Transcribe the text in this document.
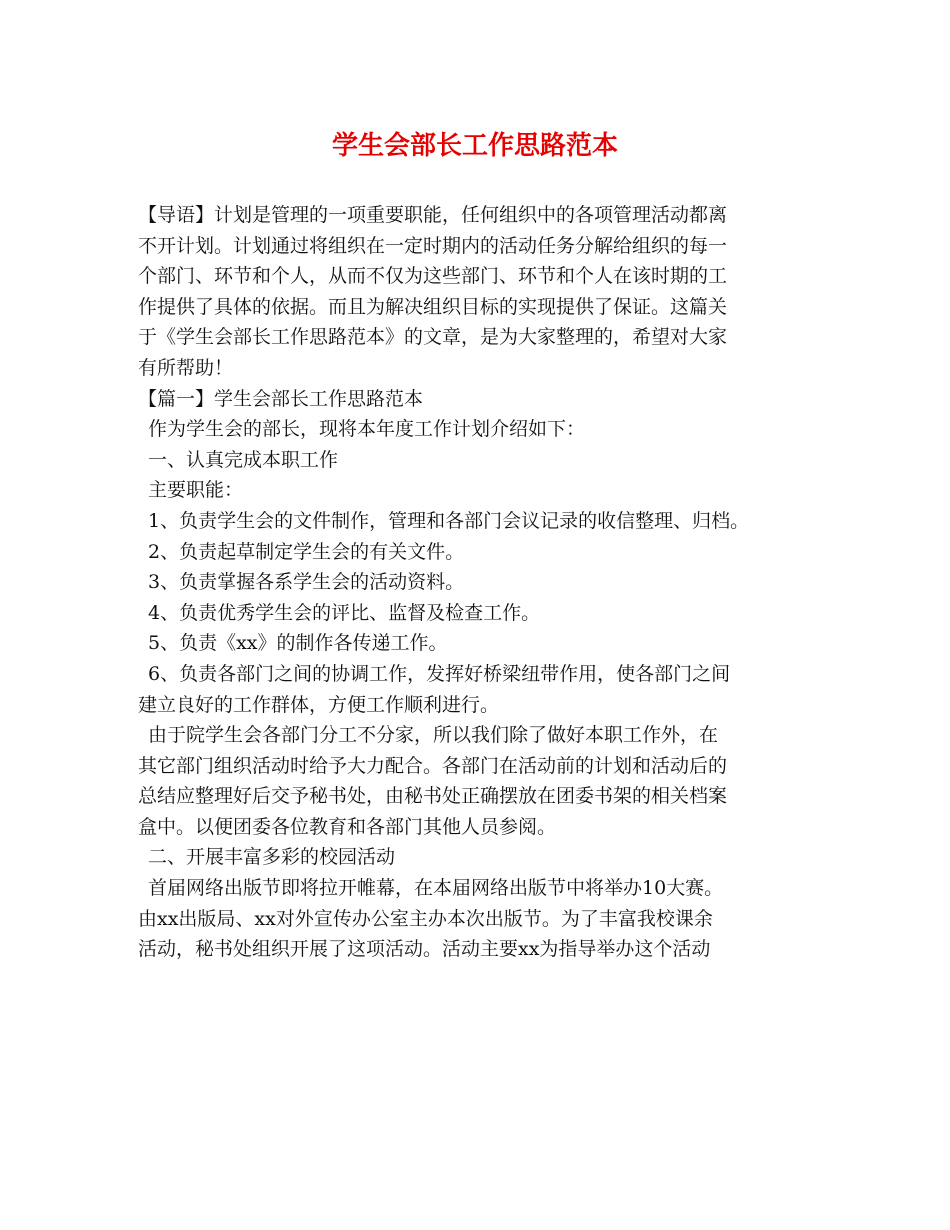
学生会部长工作思路范本
【导语】计划是管理的一项重要职能，任何组织中的各项管理活动都离
不开计划。计划通过将组织在一定时期内的活动任务分解给组织的每一
个部门、环节和个人，从而不仅为这些部门、环节和个人在该时期的工
作提供了具体的依据。而且为解决组织目标的实现提供了保证。这篇关
于《学生会部长工作思路范本》的文章，是为大家整理的，希望对大家
有所帮助！
【篇一】学生会部长工作思路范本
作为学生会的部长，现将本年度工作计划介绍如下：
一、认真完成本职工作
主要职能：
1、负责学生会的文件制作，管理和各部门会议记录的收信整理、归档。
2、负责起草制定学生会的有关文件。
3、负责掌握各系学生会的活动资料。
4、负责优秀学生会的评比、监督及检查工作。
5、负责《xx》的制作各传递工作。
6、负责各部门之间的协调工作，发挥好桥梁纽带作用，使各部门之间
建立良好的工作群体，方便工作顺利进行。
由于院学生会各部门分工不分家，所以我们除了做好本职工作外，在
其它部门组织活动时给予大力配合。各部门在活动前的计划和活动后的
总结应整理好后交予秘书处，由秘书处正确摆放在团委书架的相关档案
盒中。以便团委各位教育和各部门其他人员参阅。
二、开展丰富多彩的校园活动
首届网络出版节即将拉开帷幕，在本届网络出版节中将举办10大赛。
由xx出版局、xx对外宣传办公室主办本次出版节。为了丰富我校课余
活动，秘书处组织开展了这项活动。活动主要xx为指导举办这个活动
